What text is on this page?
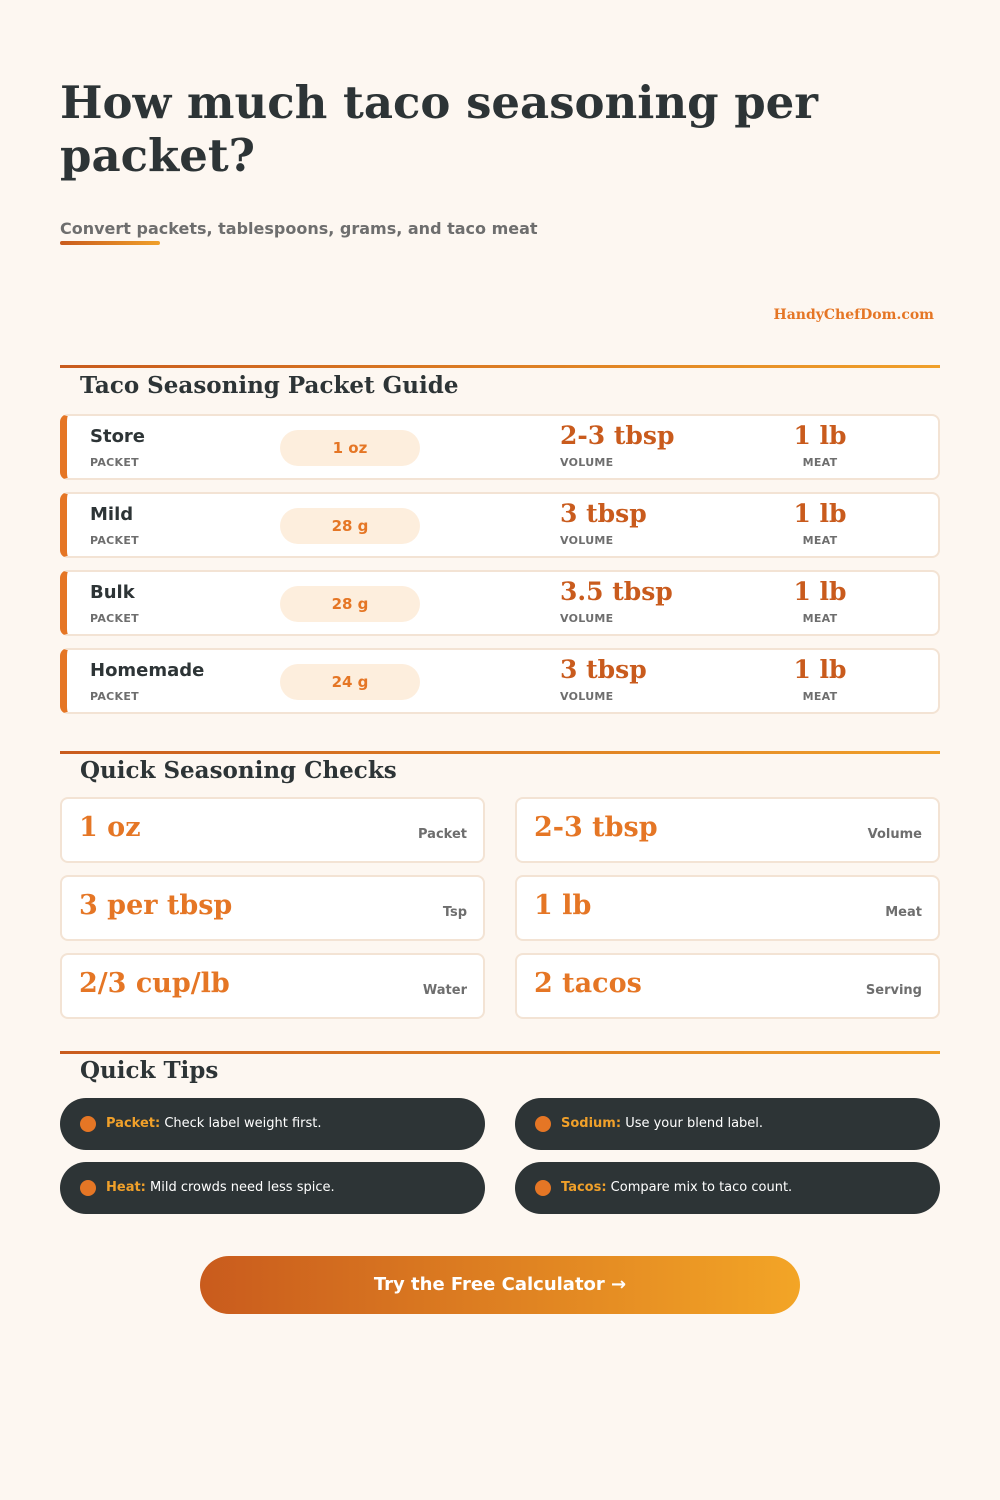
How much taco seasoning per packet?
Convert packets, tablespoons, grams, and taco meat
HandyChefDom.com
Taco Seasoning Packet Guide
Store
PACKET
1 oz	2-3 tbsp
VOLUME
1 lb
MEAT
Mild
PACKET
28 g	3 tbsp
VOLUME
1 lb
MEAT
Bulk
PACKET
28 g	3.5 tbsp
VOLUME
1 lb
MEAT
Homemade
PACKET
24 g	3 tbsp
VOLUME
1 lb
MEAT
Quick Seasoning Checks
1 oz	Packet 2-3 tbsp	Volume
3 per tbsp	Tsp 1 lb	Meat
2/3 cup/lb	Water 2 tacos	Serving
Quick Tips
Packet: Check label weight first.	Sodium: Use your blend label.
Heat: Mild crowds need less spice.	Tacos: Compare mix to taco count.
Try the Free Calculator →
